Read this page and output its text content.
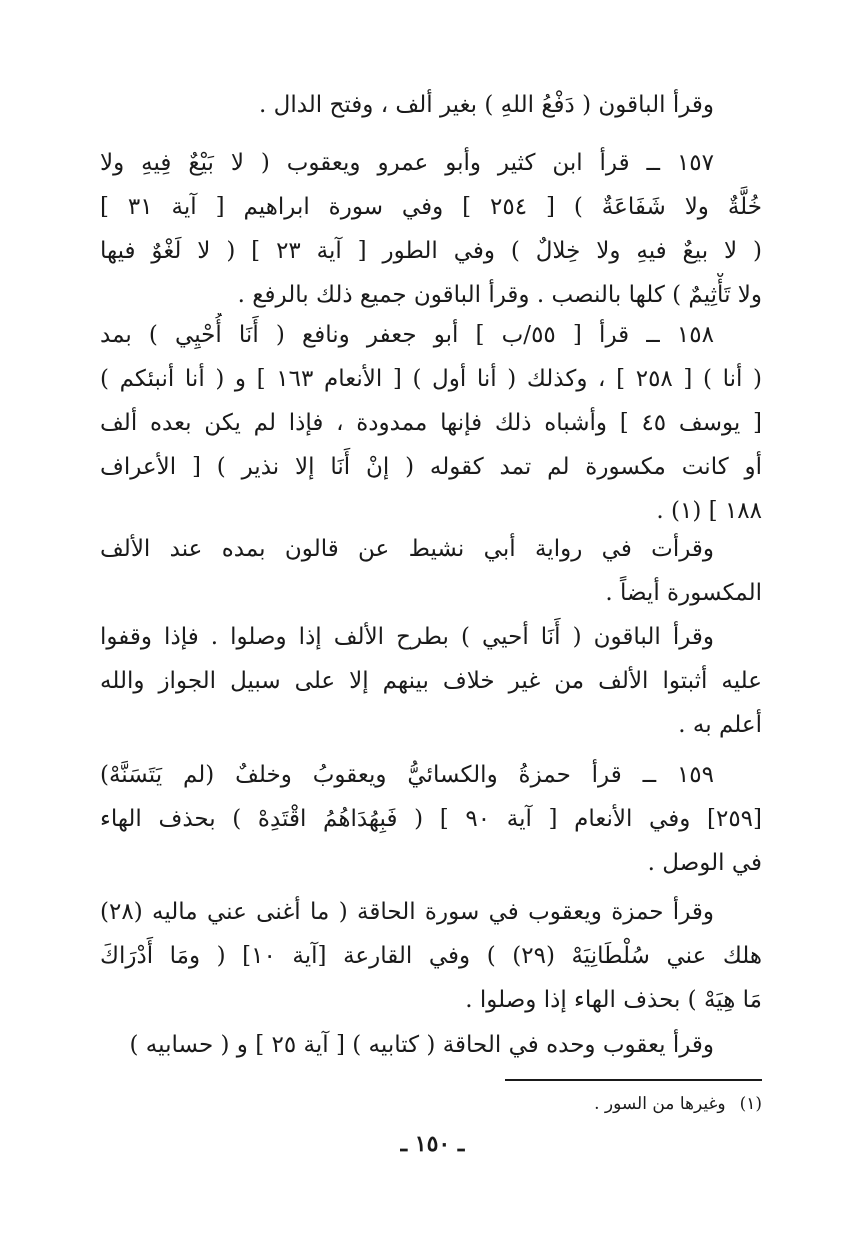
وقرأ الباقون ( دَفْعُ اللهِ ) بغير ألف ، وفتح الدال .
١٥٧ ــ قرأ ابن كثير وأبو عمرو ويعقوب ( لا بَيْعٌ فِيهِ ولا
خُلَّةٌ ولا شَفَاعَةٌ ) [ ٢٥٤ ] وفي سورة ابراهيم [ آية ٣١ ]
( لا بيعٌ فيهِ ولا خِلالٌ ) وفي الطور [ آية ٢٣ ] ( لا لَغْوٌ فيها
ولا تَأْثِيمٌ ) كلها بالنصب . وقرأ الباقون جميع ذلك بالرفع .
١٥٨ ــ قرأ [ ٥٥/ب ] أبو جعفر ونافع ( أَنَا أُحْيِي ) بمد
( أنا ) [ ٢٥٨ ] ، وكذلك ( أنا أول ) [ الأنعام ١٦٣ ] و ( أنا أنبئكم )
[ يوسف ٤٥ ] وأشباه ذلك فإنها ممدودة ، فإذا لم يكن بعده ألف
أو كانت مكسورة لم تمد كقوله ( إنْ أَنَا إلا نذير ) [ الأعراف
١٨٨ ] (١) .
وقرأت في رواية أبي نشيط عن قالون بمده عند الألف
المكسورة أيضاً .
وقرأ الباقون ( أَنَا أحيي ) بطرح الألف إذا وصلوا . فإذا وقفوا
عليه أثبتوا الألف من غير خلاف بينهم إلا على سبيل الجواز والله
أعلم به .
١٥٩ ــ قرأ حمزةُ والكسائيُّ ويعقوبُ وخلفٌ (لم يَتَسَنَّهْ)
[٢٥٩] وفي الأنعام [ آية ٩٠ ] ( فَبِهُدَاهُمُ اقْتَدِهْ ) بحذف الهاء
في الوصل .
وقرأ حمزة ويعقوب في سورة الحاقة ( ما أغنى عني ماليه (٢٨)
هلك عني سُلْطَانِيَهْ (٢٩) ) وفي القارعة [آية ١٠] ( ومَا أَدْرَاكَ
مَا هِيَهْ ) بحذف الهاء إذا وصلوا .
وقرأ يعقوب وحده في الحاقة ( كتابيه ) [ آية ٢٥ ] و ( حسابيه )
(١)وغيرها من السور .
ـ ١٥٠ ـ
